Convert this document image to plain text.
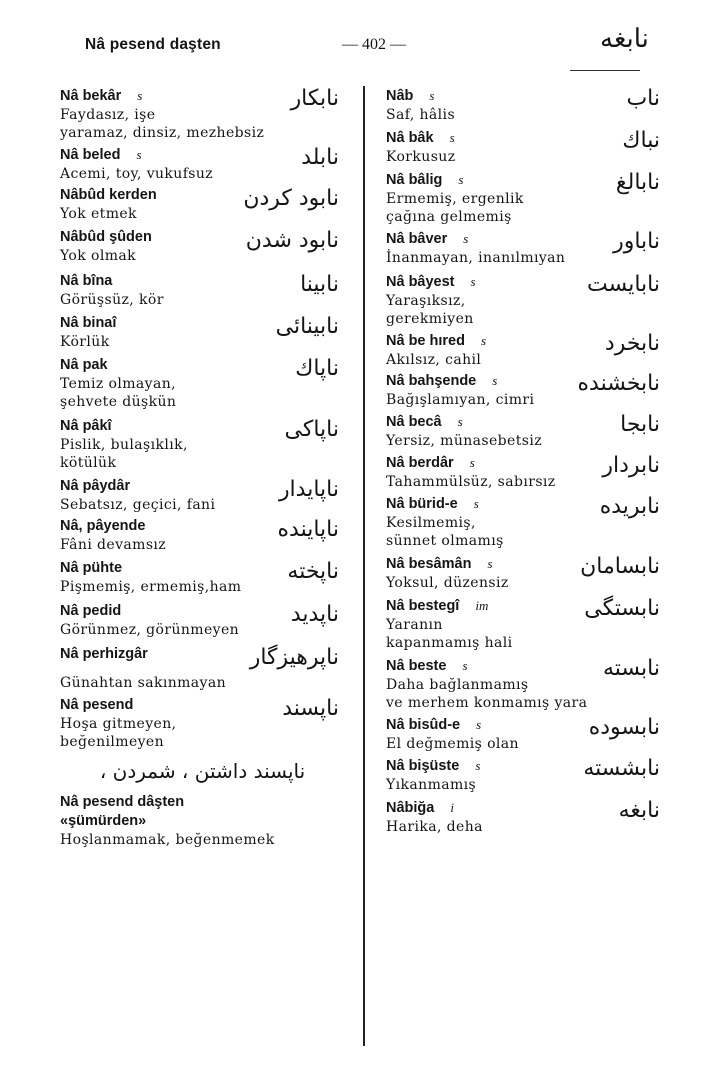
Nâ pesend daşten	— 402 —	نابغه
Nâ bekâr s
Faydasız, işe
yaramaz, dinsiz, mezhebsiz
نابكار
Nâ beled s
Acemi, toy, vukufsuz
نابلد
Nâbûd kerden
Yok etmek
نابود كردن
Nâbûd şûden
Yok olmak
نابود شدن
Nâ bîna
Görüşsüz, kör
نابينا
Nâ binaî
Körlük
نابينائى
Nâ pak
Temiz olmayan,
şehvete düşkün
ناپاك
Nâ pâkî
Pislik, bulaşıklık,
kötülük
ناپاكى
Nâ pâydâr
Sebatsız, geçici, fani
ناپايدار
Nâ, pâyende
Fâni devamsız
ناپاينده
Nâ pühte
Pişmemiş, ermemiş,ham
ناپخته
Nâ pedid
Görünmez, görünmeyen
ناپديد
Nâ perhizgâr
Günahtan sakınmayan
ناپرهيزگار
Nâ pesend
Hoşa gitmeyen,
beğenilmeyen
ناپسند
ناپسند داشتن ، شمردن ،
Nâ pesend dâşten
«şümürden»
Hoşlanmamak, beğenmemek
Nâb s
Saf, hâlis
ناب
Nâ bâk s
Korkusuz
نباك
Nâ bâlig s
Ermemiş, ergenlik
çağına gelmemiş
نابالغ
Nâ bâver s
İnanmayan, inanılmıyan
ناباور
Nâ bâyest s
Yaraşıksız,
gerekmiyen
نابايست
Nâ be hıred s
Akılsız, cahil
نابخرد
Nâ bahşende s
Bağışlamıyan, cimri
نابخشنده
Nâ becâ s
Yersiz, münasebetsiz
نابجا
Nâ berdâr s
Tahammülsüz, sabırsız
نابردار
Nâ bürid-e s
Kesilmemiş,
sünnet olmamış
نابريده
Nâ besâmân s
Yoksul, düzensiz
نابسامان
Nâ bestegî im
Yaranın
kapanmamış hali
نابستگى
Nâ beste s
Daha bağlanmamış
ve merhem konmamış yara
نابسته
Nâ bisûd-e s
El değmemiş olan
نابسوده
Nâ bişüste s
Yıkanmamış
نابشسته
Nâbiğa i
Harika, deha
نابغه
